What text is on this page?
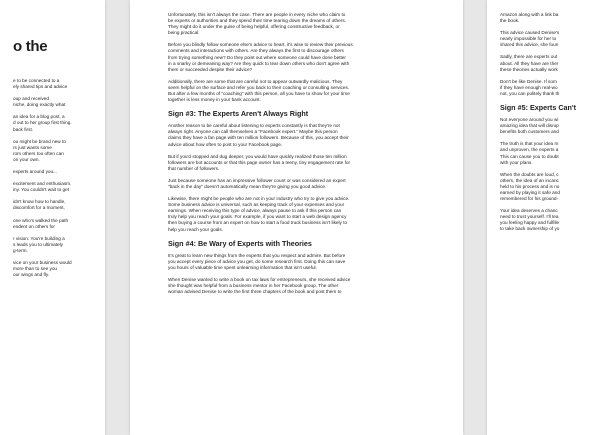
o the

e to be connected to a
ely shared tips and advice

oup and received
niche, doing exactly what

an idea for a blog post, a
d out to her group first thing.
back first.

ou might be brand new to
rs just wants some
rom others too often can
on your own.

experts around you...

excitement and enthusiasm.
iny. You couldn't wait to get

idn't know how to handle,
discomfort for a moment,

one who's walked the path
endent on others for

r vision. You're building a
s leads you to ultimately
g-term.

vice on your business would
more than to see you
our wings and fly.

Unfortunately, this isn't always the case. There are people in every niche who claim to
be experts or authorities and they spend their time tearing down the dreams of others.
They might do it under the guise of being helpful, offering constructive feedback, or
being practical.

Before you blindly follow someone else's advice to heart, it's wise to review their previous
comments and interactions with others. Are they always the first to discourage others
from trying something new? Do they point out where someone could have done better
in a snarky or demeaning way? Are they quick to tear down others who don't agree with
them or succeeded despite their advice?

Additionally, there are some that are careful not to appear outwardly malicious. They
seem helpful on the surface and refer you back to their coaching or consulting services.
But after a few months of "coaching" with this person, all you have to show for your time
together is less money in your bank account.

Sign #3: The Experts Aren't Always Right

Another reason to be careful about listening to experts constantly is that they're not
always right. Anyone can call themselves a "Facebook expert." Maybe this person
claims they have a fan page with ten million followers. Because of this, you accept their
advice about how often to post to your Facebook page.

But if you'd stopped and dug deeper, you would have quickly realized those ten million
followers are bot accounts or that this page owner has a teeny, tiny engagement rate for
that number of followers.

Just because someone has an impressive follower count or was considered an expert
"back in the day" doesn't automatically mean they're giving you good advice.

Likewise, there might be people who are not in your industry who try to give you advice.
Some business advice is universal, such as keeping track of your expenses and your
earnings. When receiving this type of advice, always pause to ask if this person can
truly help you reach your goals. For example, if you want to start a web design agency
then buying a course from an expert on how to start a food truck business isn't likely to
help you reach your goals.

Sign #4: Be Wary of Experts with Theories

It's great to learn new things from the experts that you respect and admire. But before
you accept every piece of advice you get, do some research first. Doing this can save
you hours of valuable time spent unlearning information that isn't useful.

When Denise wanted to write a book on tax laws for entrepreneurs, she received advice
she thought was helpful from a business mentor in her Facebook group. The other
woman advised Denise to write the first three chapters of the book and post them to

Amazon along with a link ba
the book.

This advice caused Denise's
nearly impossible for her to
shared this advice, she foun

Sadly, there are experts out
about. All they have are ther
these theories actually work

Don't be like Denise. If som
if they have enough real-wo
not, you can politely thank th

Sign #5: Experts Can't

Not everyone around you wi
amazing idea that will disrup
benefits both customers and

The truth is that your idea m
and unproven, the experts a
This can cause you to doubt
with your plans.

When the doubts are loud, c
others, the idea of an incanc
held to his process and is no
earned by playing it safe and
remembered for his ground-

Your idea deserves a chanc
need to trust yourself. I'll tea
you feeling happy and fulfille
to take back ownership of yo
